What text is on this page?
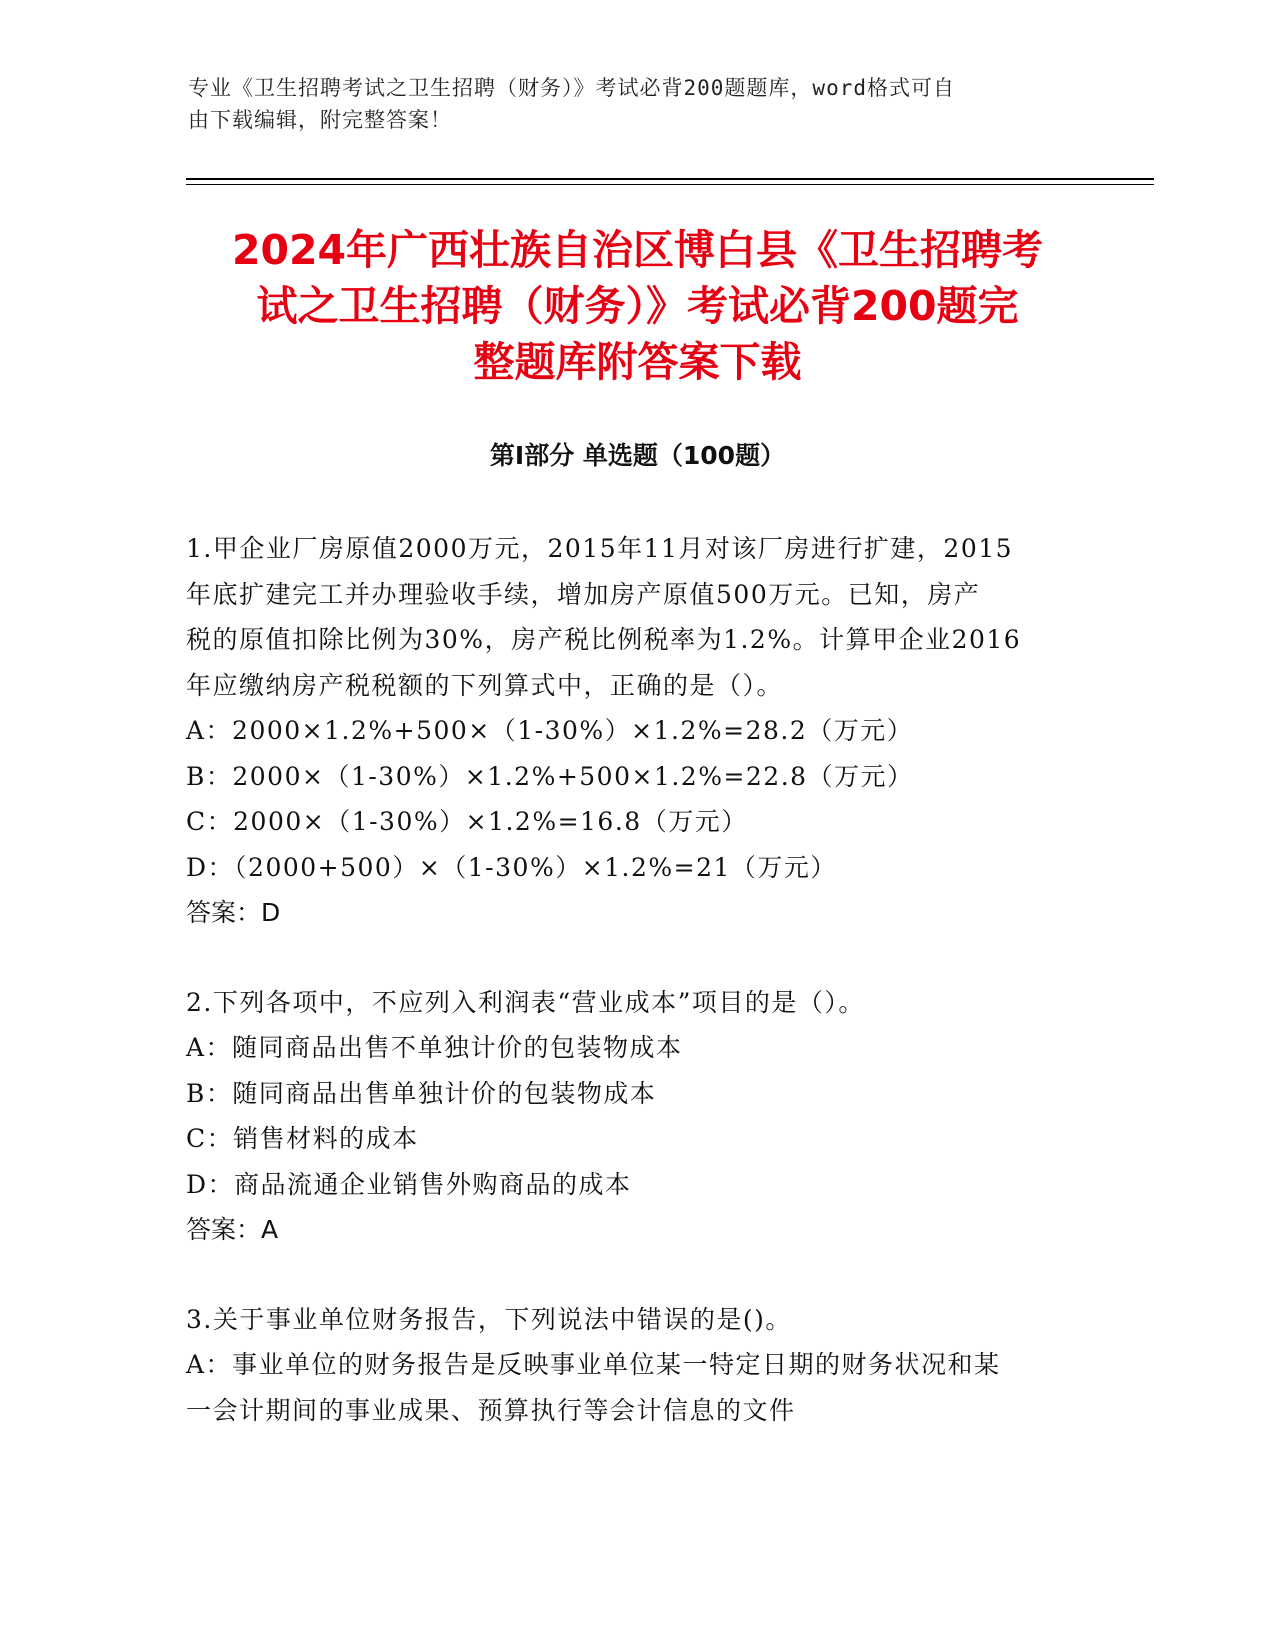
专业《卫生招聘考试之卫生招聘（财务）》考试必背200题题库，word格式可自
由下载编辑，附完整答案！
2024年广西壮族自治区博白县《卫生招聘考
试之卫生招聘（财务）》考试必背200题完
整题库附答案下载
第Ⅰ部分 单选题（100题）

1.甲企业厂房原值2000万元，2015年11月对该厂房进行扩建，2015

年底扩建完工并办理验收手续，增加房产原值500万元。已知，房产

税的原值扣除比例为30%，房产税比例税率为1.2%。计算甲企业2016

年应缴纳房产税税额的下列算式中，正确的是（）。

A：2000×1.2%+500×（1-30%）×1.2%=28.2（万元）

B：2000×（1-30%）×1.2%+500×1.2%=22.8（万元）

C：2000×（1-30%）×1.2%=16.8（万元）

D：（2000+500）×（1-30%）×1.2%=21（万元）

答案：D

2.下列各项中，不应列入利润表“营业成本”项目的是（）。

A：随同商品出售不单独计价的包装物成本

B：随同商品出售单独计价的包装物成本

C：销售材料的成本

D：商品流通企业销售外购商品的成本

答案：A

3.关于事业单位财务报告，下列说法中错误的是()。

A：事业单位的财务报告是反映事业单位某一特定日期的财务状况和某

一会计期间的事业成果、预算执行等会计信息的文件
